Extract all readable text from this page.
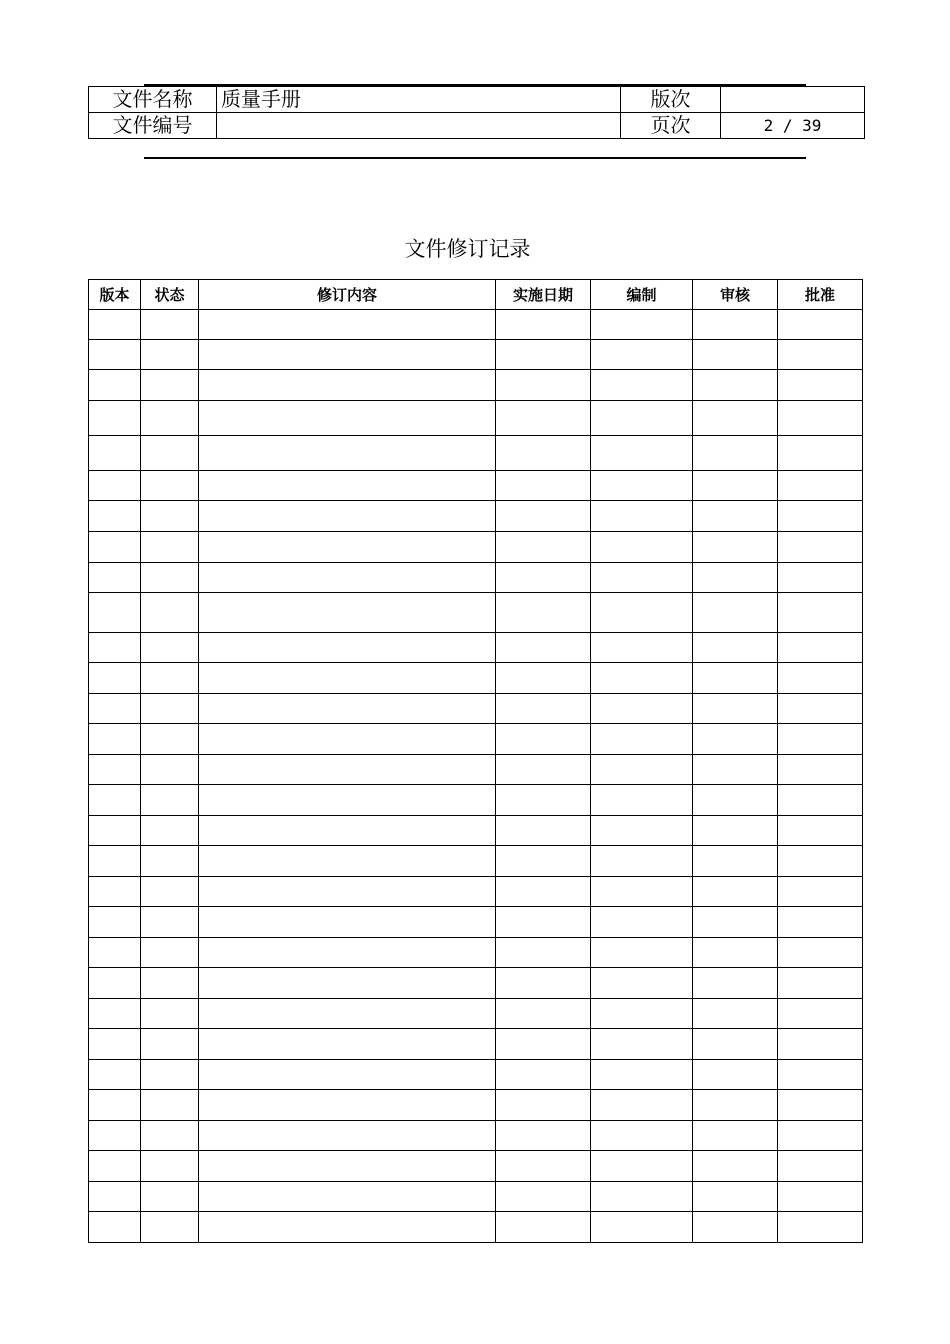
文件名称	质量手册	版次	
文件编号		页次	2 / 39
文件修订记录
版本	状态	修订内容	实施日期	编制	审核	批准
